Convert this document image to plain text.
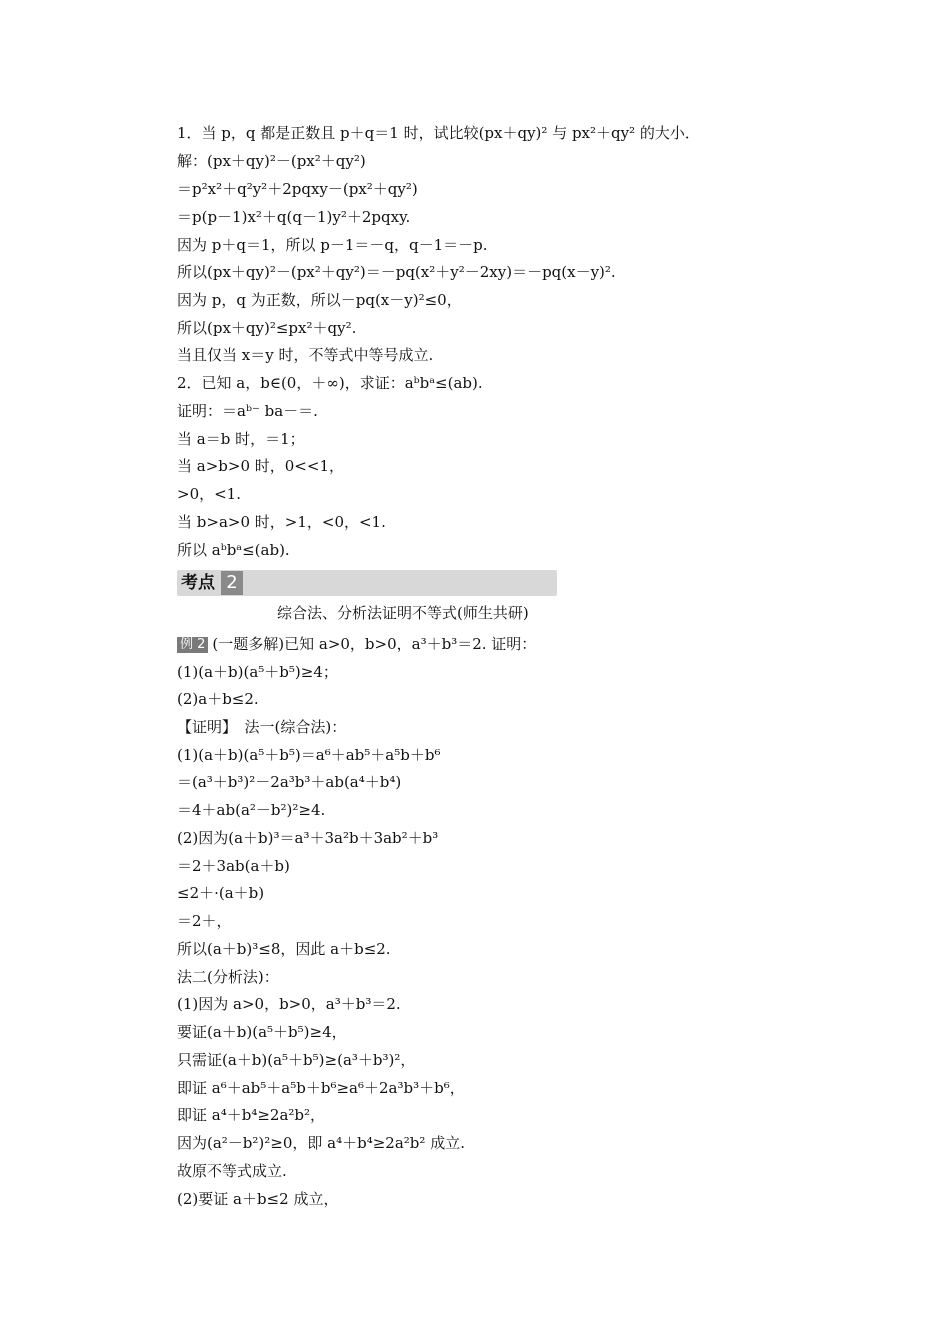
1．当 p，q 都是正数且 p＋q＝1 时，试比较(px＋qy)² 与 px²＋qy² 的大小．
解：(px＋qy)²－(px²＋qy²)
＝p²x²＋q²y²＋2pqxy－(px²＋qy²)
＝p(p－1)x²＋q(q－1)y²＋2pqxy.
因为 p＋q＝1，所以 p－1＝－q，q－1＝－p.
所以(px＋qy)²－(px²＋qy²)＝－pq(x²＋y²－2xy)＝－pq(x－y)².
因为 p，q 为正数，所以－pq(x－y)²≤0，
所以(px＋qy)²≤px²＋qy².
当且仅当 x＝y 时，不等式中等号成立.
2．已知 a，b∈(0，＋∞)，求证：aᵇbᵃ≤(ab).
证明：＝aᵇ⁻ ba－＝.
当 a＝b 时，＝1；
当 a>b>0 时，0<<1，
>0，<1.
当 b>a>0 时，>1，<0，<1.
所以 aᵇbᵃ≤(ab).
考点 2
综合法、分析法证明不等式(师生共研)
例 2 (一题多解)已知 a>0，b>0，a³＋b³＝2. 证明：
(1)(a＋b)(a⁵＋b⁵)≥4；
(2)a＋b≤2.
【证明】　法一(综合法)：
(1)(a＋b)(a⁵＋b⁵)＝a⁶＋ab⁵＋a⁵b＋b⁶
＝(a³＋b³)²－2a³b³＋ab(a⁴＋b⁴)
＝4＋ab(a²－b²)²≥4.
(2)因为(a＋b)³＝a³＋3a²b＋3ab²＋b³
＝2＋3ab(a＋b)
≤2＋·(a＋b)
＝2＋，
所以(a＋b)³≤8，因此 a＋b≤2.
法二(分析法)：
(1)因为 a>0，b>0，a³＋b³＝2.
要证(a＋b)(a⁵＋b⁵)≥4，
只需证(a＋b)(a⁵＋b⁵)≥(a³＋b³)²，
即证 a⁶＋ab⁵＋a⁵b＋b⁶≥a⁶＋2a³b³＋b⁶，
即证 a⁴＋b⁴≥2a²b²，
因为(a²－b²)²≥0，即 a⁴＋b⁴≥2a²b² 成立.
故原不等式成立.
(2)要证 a＋b≤2 成立，
